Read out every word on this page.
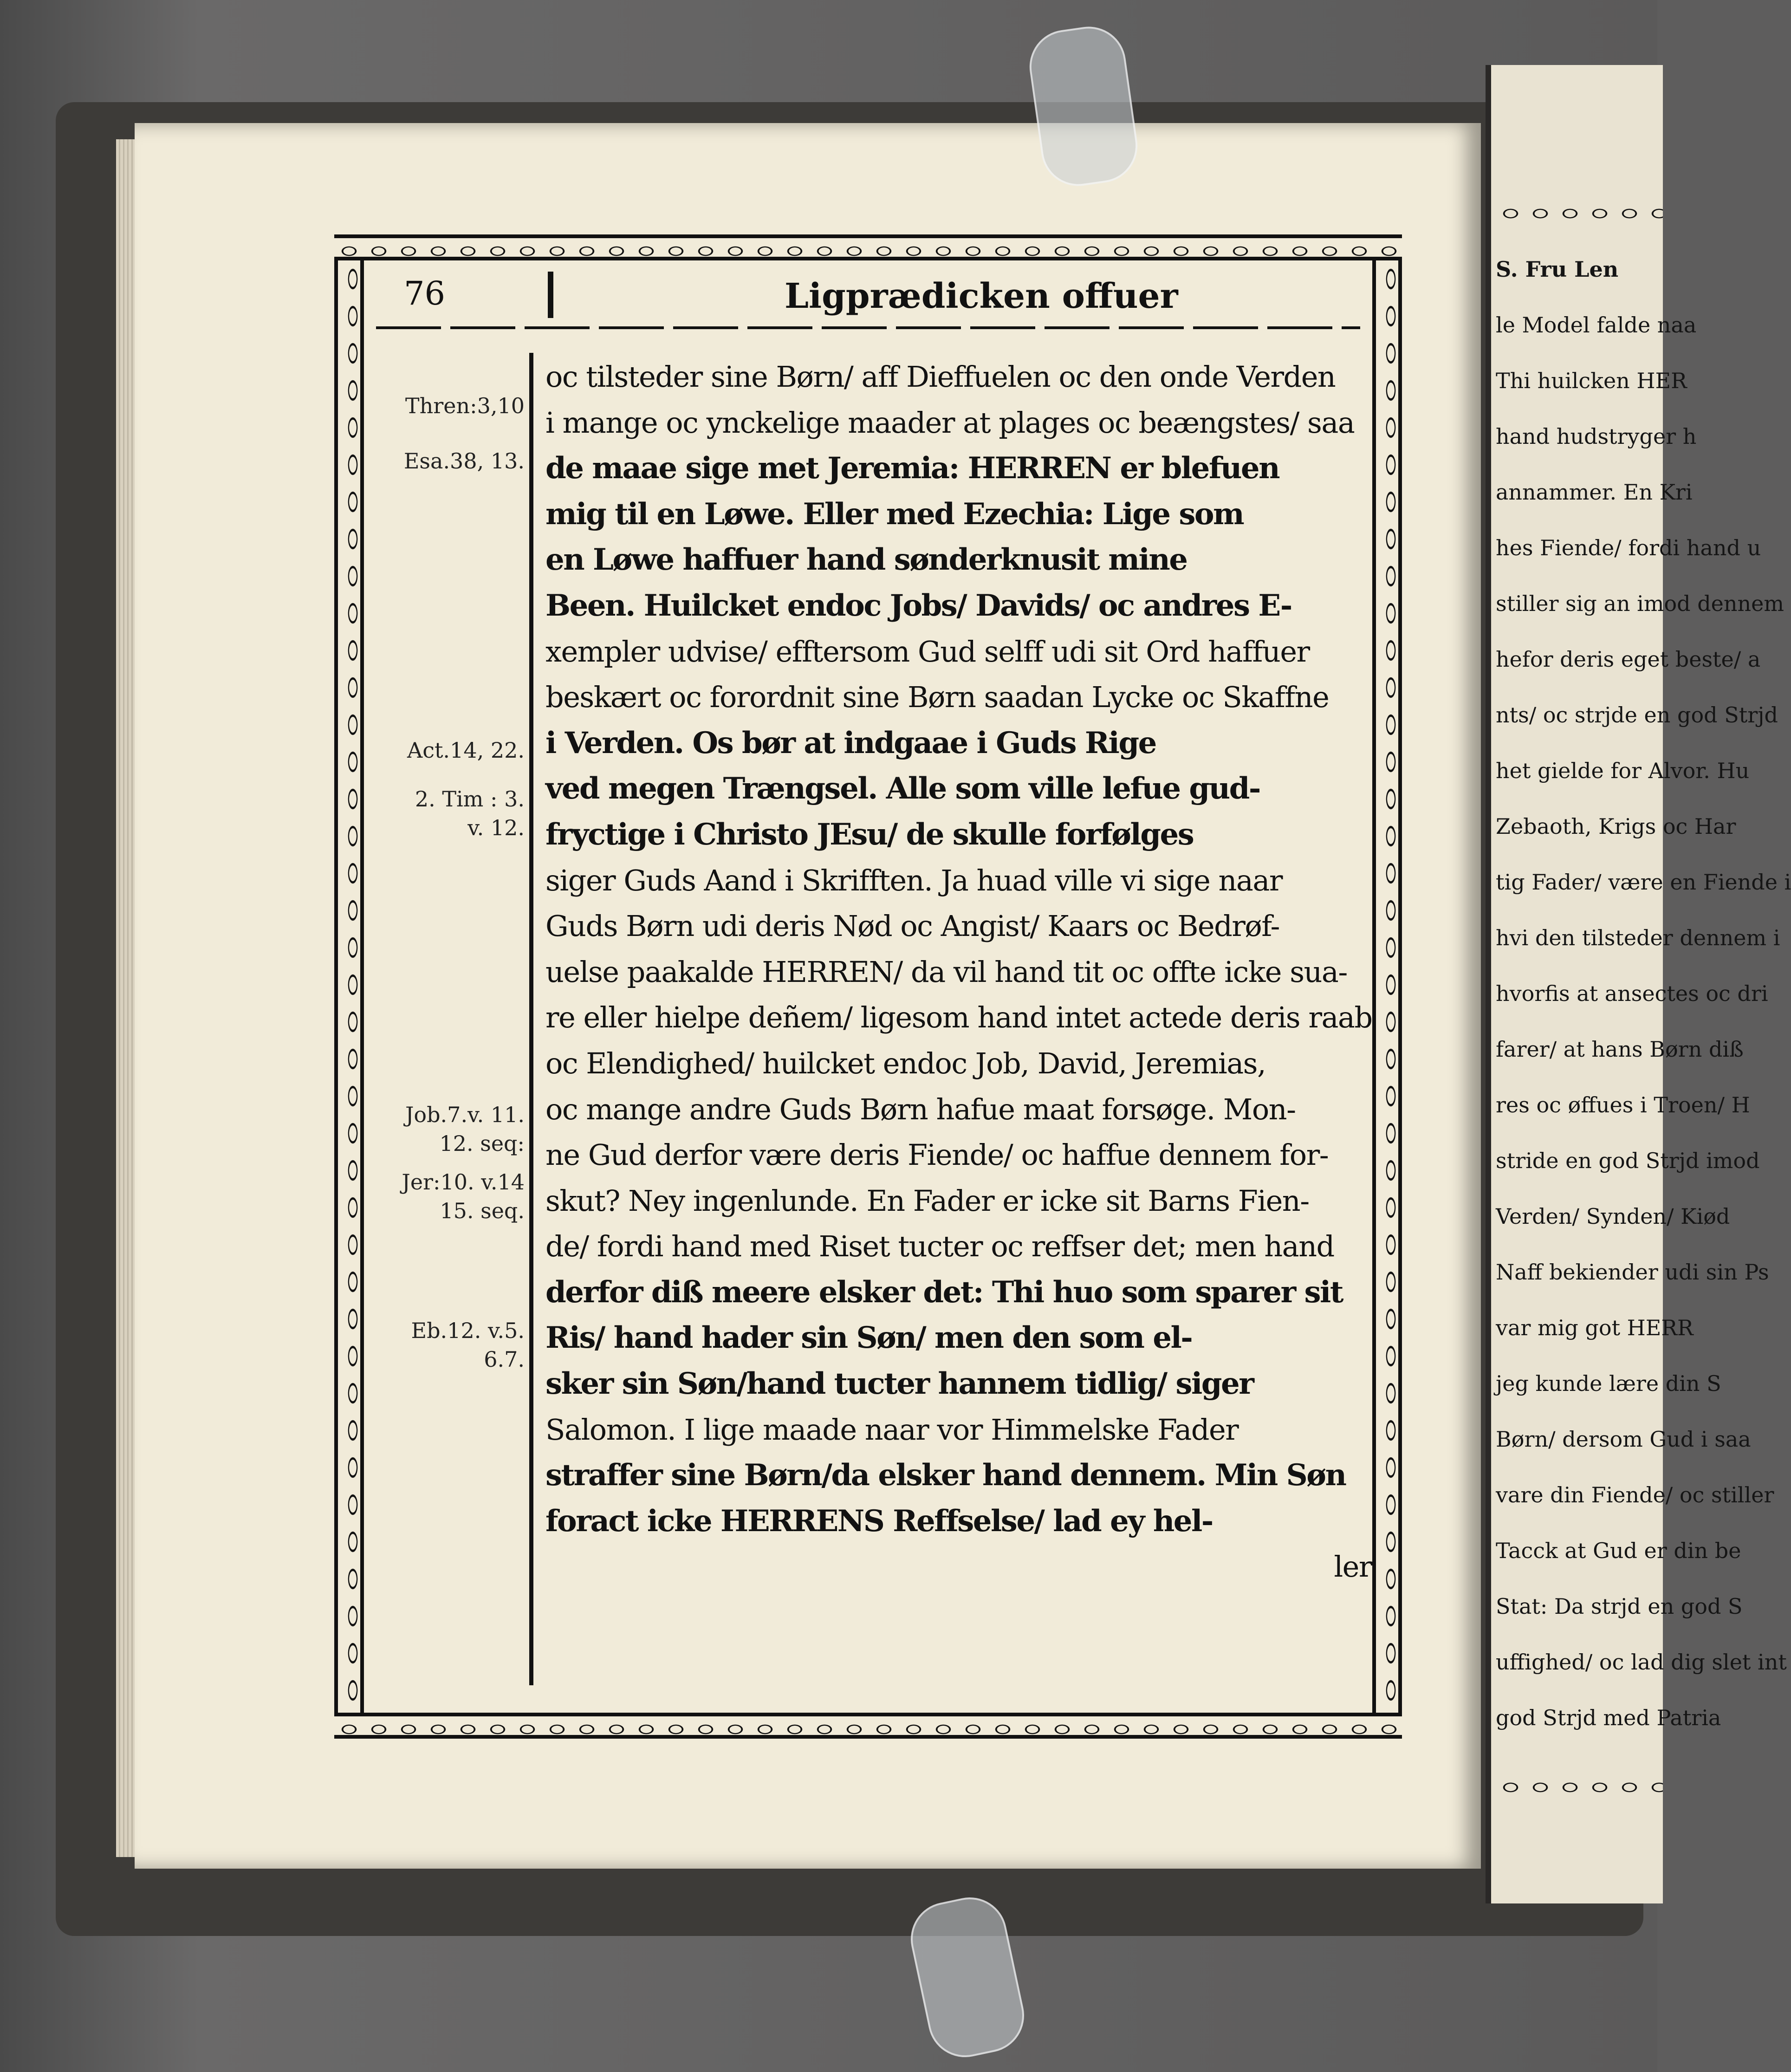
S. Fru Len
le Model falde naa
Thi huilcken HER
hand hudstryger h
annammer. En Kri
hes Fiende/ fordi hand u
stiller sig an imod dennem
hefor deris eget beste/ a
nts/ oc strjde en god Strjd
het gielde for Alvor. Hu
Zebaoth, Krigs oc Har
tig Fader/ være en Fiende i
hvi den tilsteder dennem i
hvorfis at ansectes oc dri
farer/ at hans Børn diß
res oc øffues i Troen/ H
stride en god Strjd imod
Verden/ Synden/ Kiød
Naff bekiender udi sin Ps
var mig got HERR
jeg kunde lære din S
Børn/ dersom Gud i saa
vare din Fiende/ oc stiller
Tacck at Gud er din be
Stat: Da strjd en god S
uffighed/ oc lad dig slet int
god Strjd med Patria
76	Ligprædicken offuer
Thren:3,10
Esa.38, 13.
Act.14, 22.
2. Tim : 3.
v. 12.
Job.7.v. 11.
12. seq:
Jer:10. v.14
15. seq.
Eb.12. v.5.
6.7.
oc tilsteder sine Børn/ aff Dieffuelen oc den onde Verden
i mange oc ynckelige maader at plages oc beængstes/ saa
de maae sige met Jeremia: HERREN er blefuen
mig til en Løwe. Eller med Ezechia: Lige som
en Løwe haffuer hand sønderknusit mine
Been. Huilcket endoc Jobs/ Davids/ oc andres E-
xempler udvise/ efftersom Gud selff udi sit Ord haffuer
beskært oc forordnit sine Børn saadan Lycke oc Skaffne
i Verden. Os bør at indgaae i Guds Rige
ved megen Trængsel. Alle som ville lefue gud-
fryctige i Christo JEsu/ de skulle forfølges
siger Guds Aand i Skrifften. Ja huad ville vi sige naar
Guds Børn udi deris Nød oc Angist/ Kaars oc Bedrøf-
uelse paakalde HERREN/ da vil hand tit oc offte icke sua-
re eller hielpe deñem/ ligesom hand intet actede deris raab
oc Elendighed/ huilcket endoc Job, David, Jeremias,
oc mange andre Guds Børn hafue maat forsøge. Mon-
ne Gud derfor være deris Fiende/ oc haffue dennem for-
skut? Ney ingenlunde. En Fader er icke sit Barns Fien-
de/ fordi hand med Riset tucter oc reffser det; men hand
derfor diß meere elsker det: Thi huo som sparer sit
Ris/ hand hader sin Søn/ men den som el-
sker sin Søn/hand tucter hannem tidlig/ siger
Salomon. I lige maade naar vor Himmelske Fader
straffer sine Børn/da elsker hand dennem. Min Søn
foract icke HERRENS Reffselse/ lad ey hel-
ler
